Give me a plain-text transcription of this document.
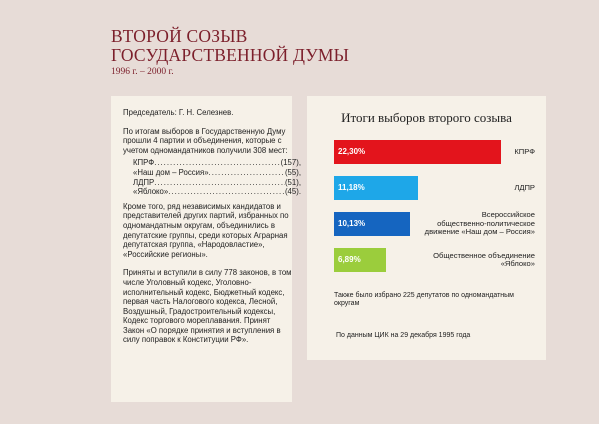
ВТОРОЙ СОЗЫВ
ГОСУДАРСТВЕННОЙ ДУМЫ
1996 г. – 2000 г.

Председатель: Г. Н. Селезнев.

По итогам выборов в Государственную Думу прошли 4 партии и объединения, которые с учетом одномандатников получили 308 мест:

КПРФ .....	(157),
«Наш дом – Россия» .....	(55),
ЛДПР .....	(51),
«Яблоко» .....	(45).

Кроме того, ряд независимых кандидатов и представителей других партий, избранных по одномандатным округам, объединились в депутатские группы, среди которых Аграрная депутатская группа, «Народовластие», «Российские регионы».

Приняты и вступили в силу 778 законов, в том числе Уголовный кодекс, Уголовно-исполнительный кодекс, Бюджетный кодекс, первая часть Налогового кодекса, Лесной, Воздушный, Градостроительный кодексы, Кодекс торгового мореплавания. Принят Закон «О порядке принятия и вступления в силу поправок к Конституции РФ».

Итоги выборов второго созыва
Также было избрано 225 депутатов по одномандатным округам
По данным ЦИК на 29 декабря 1995 года
22,30%	КПРФ
11,18%	ЛДПР
10,13%
Всероссийское
общественно-политическое
движение «Наш дом – Россия»
6,89%	Общественное объединение
«Яблоко»
